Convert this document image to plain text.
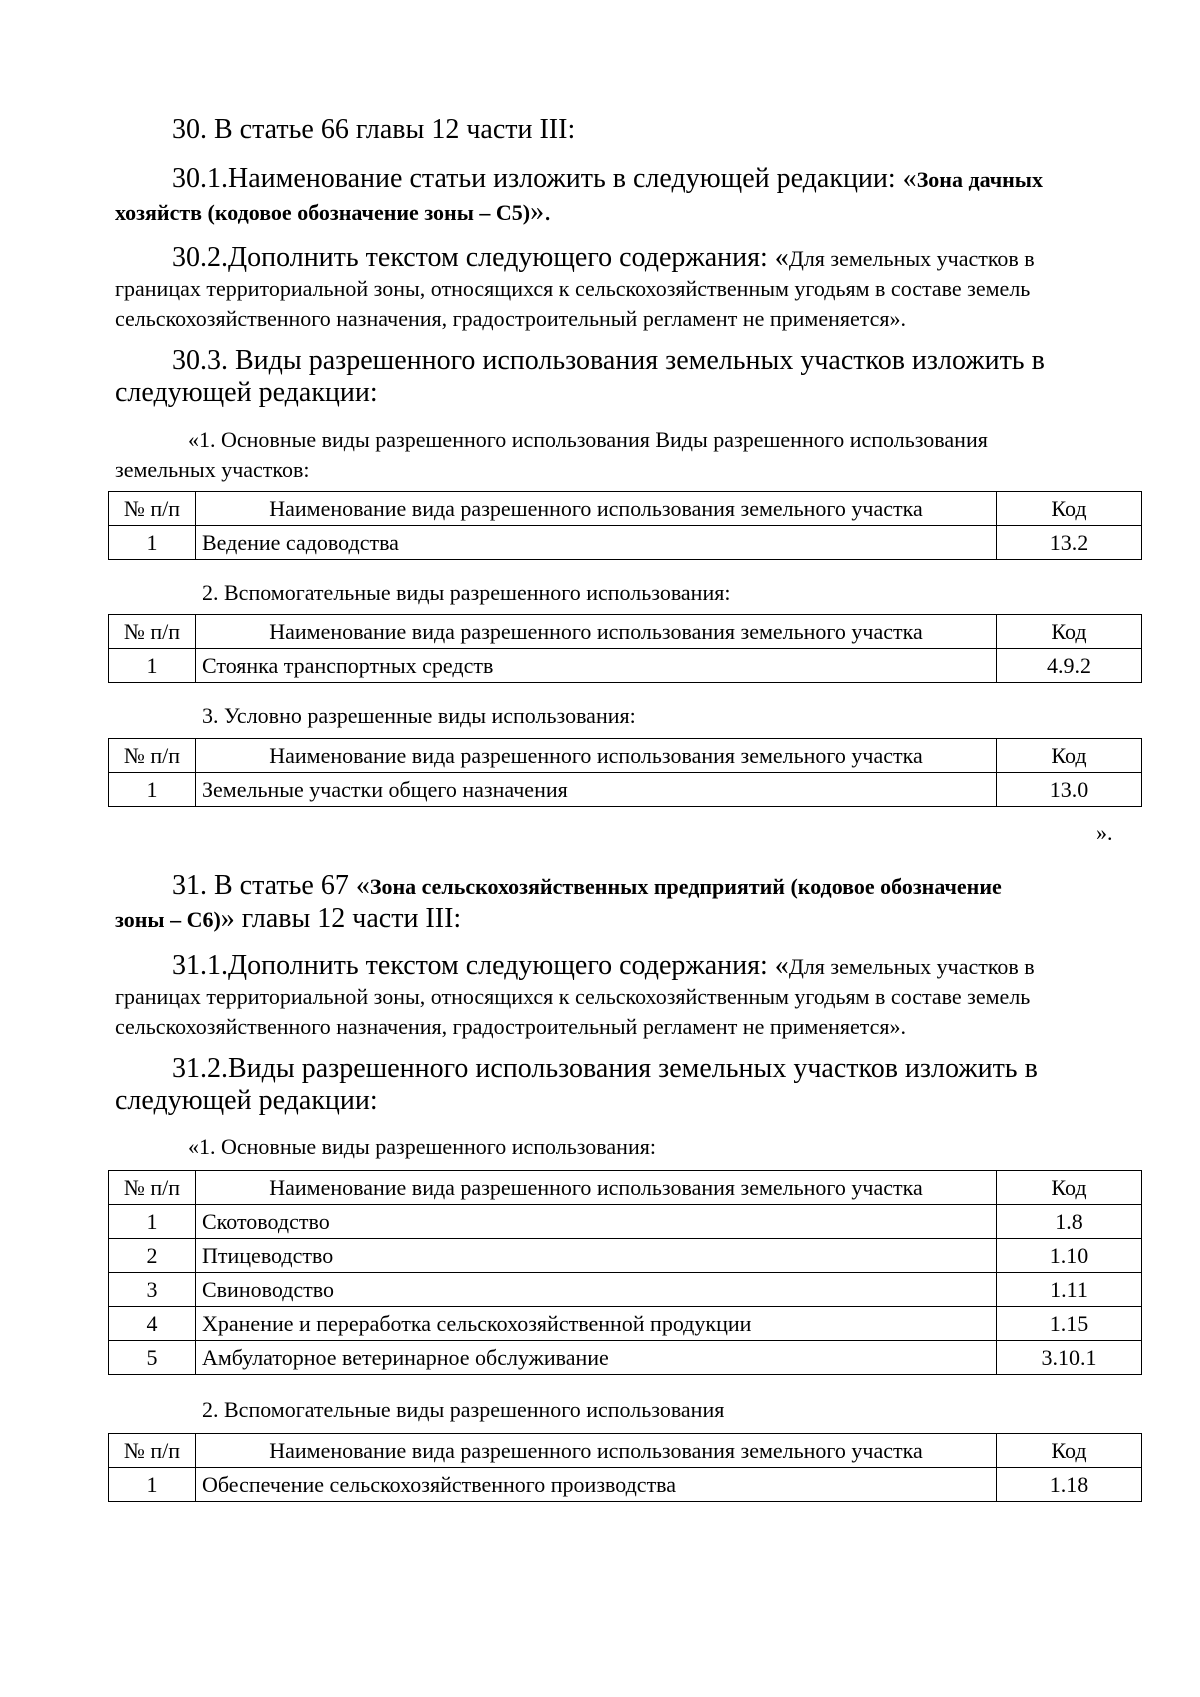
30. В статье 66 главы 12 части III:
30.1.Наименование статьи изложить в следующей редакции: «Зона дачных
хозяйств (кодовое обозначение зоны – С5)».
30.2.Дополнить текстом следующего содержания: «Для земельных участков в
границах территориальной зоны, относящихся к сельскохозяйственным угодьям в составе земель
сельскохозяйственного назначения, градостроительный регламент не применяется».
30.3. Виды разрешенного использования земельных участков изложить в
следующей редакции:
«1. Основные виды разрешенного использования Виды разрешенного использования
земельных участков:
№ п/п	Наименование вида разрешенного использования земельного участка	Код
1	Ведение садоводства	13.2
2. Вспомогательные виды разрешенного использования:
№ п/п	Наименование вида разрешенного использования земельного участка	Код
1	Стоянка транспортных средств	4.9.2
3. Условно разрешенные виды использования:
№ п/п	Наименование вида разрешенного использования земельного участка	Код
1	Земельные участки общего назначения	13.0
».
31. В статье 67 «Зона сельскохозяйственных предприятий (кодовое обозначение
зоны – С6)» главы 12 части III:
31.1.Дополнить текстом следующего содержания: «Для земельных участков в
границах территориальной зоны, относящихся к сельскохозяйственным угодьям в составе земель
сельскохозяйственного назначения, градостроительный регламент не применяется».
31.2.Виды разрешенного использования земельных участков изложить в
следующей редакции:
«1. Основные виды разрешенного использования:
№ п/п	Наименование вида разрешенного использования земельного участка	Код
1	Скотоводство	1.8
2	Птицеводство	1.10
3	Свиноводство	1.11
4	Хранение и переработка сельскохозяйственной продукции	1.15
5	Амбулаторное ветеринарное обслуживание	3.10.1
2. Вспомогательные виды разрешенного использования
№ п/п	Наименование вида разрешенного использования земельного участка	Код
1	Обеспечение сельскохозяйственного производства	1.18
